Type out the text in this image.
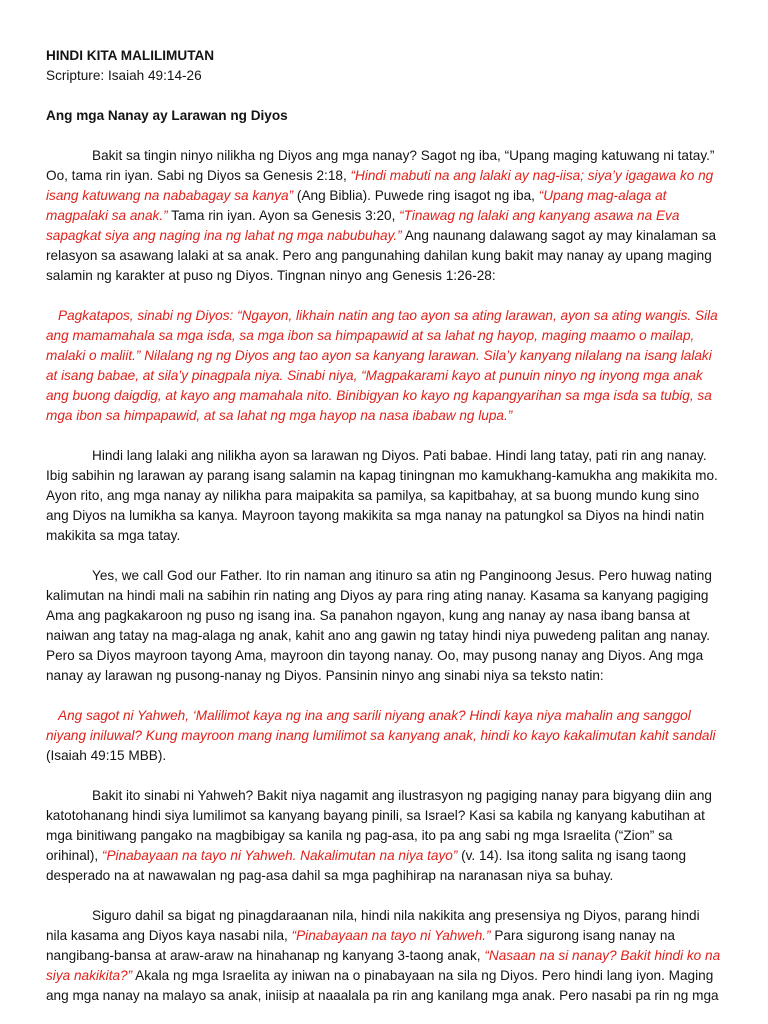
HINDI KITA MALILIMUTAN
Scripture: Isaiah 49:14-26
Ang mga Nanay ay Larawan ng Diyos

Bakit sa tingin ninyo nilikha ng Diyos ang mga nanay? Sagot ng iba, “Upang maging katuwang ni tatay.” Oo, tama rin iyan. Sabi ng Diyos sa Genesis 2:18, “Hindi mabuti na ang lalaki ay nag-iisa; siya’y igagawa ko ng isang katuwang na nababagay sa kanya” (Ang Biblia). Puwede ring isagot ng iba, “Upang mag-alaga at magpalaki sa anak.” Tama rin iyan. Ayon sa Genesis 3:20, “Tinawag ng lalaki ang kanyang asawa na Eva sapagkat siya ang naging ina ng lahat ng mga nabubuhay.” Ang naunang dalawang sagot ay may kinalaman sa relasyon sa asawang lalaki at sa anak. Pero ang pangunahing dahilan kung bakit may nanay ay upang maging salamin ng karakter at puso ng Diyos. Tingnan ninyo ang Genesis 1:26-28:

Pagkatapos, sinabi ng Diyos: “Ngayon, likhain natin ang tao ayon sa ating larawan, ayon sa ating wangis. Sila ang mamamahala sa mga isda, sa mga ibon sa himpapawid at sa lahat ng hayop, maging maamo o mailap, malaki o maliit.” Nilalang ng ng Diyos ang tao ayon sa kanyang larawan. Sila’y kanyang nilalang na isang lalaki at isang babae, at sila’y pinagpala niya. Sinabi niya, “Magpakarami kayo at punuin ninyo ng inyong mga anak ang buong daigdig, at kayo ang mamahala nito. Binibigyan ko kayo ng kapangyarihan sa mga isda sa tubig, sa mga ibon sa himpapawid, at sa lahat ng mga hayop na nasa ibabaw ng lupa.”

Hindi lang lalaki ang nilikha ayon sa larawan ng Diyos. Pati babae. Hindi lang tatay, pati rin ang nanay. Ibig sabihin ng larawan ay parang isang salamin na kapag tiningnan mo kamukhang-kamukha ang makikita mo. Ayon rito, ang mga nanay ay nilikha para maipakita sa pamilya, sa kapitbahay, at sa buong mundo kung sino ang Diyos na lumikha sa kanya. Mayroon tayong makikita sa mga nanay na patungkol sa Diyos na hindi natin makikita sa mga tatay.

Yes, we call God our Father. Ito rin naman ang itinuro sa atin ng Panginoong Jesus. Pero huwag nating kalimutan na hindi mali na sabihin rin nating ang Diyos ay para ring ating nanay. Kasama sa kanyang pagiging Ama ang pagkakaroon ng puso ng isang ina. Sa panahon ngayon, kung ang nanay ay nasa ibang bansa at naiwan ang tatay na mag-alaga ng anak, kahit ano ang gawin ng tatay hindi niya puwedeng palitan ang nanay. Pero sa Diyos mayroon tayong Ama, mayroon din tayong nanay. Oo, may pusong nanay ang Diyos. Ang mga nanay ay larawan ng pusong-nanay ng Diyos. Pansinin ninyo ang sinabi niya sa teksto natin:

Ang sagot ni Yahweh, ‘Malilimot kaya ng ina ang sarili niyang anak? Hindi kaya niya mahalin ang sanggol niyang iniluwal? Kung mayroon mang inang lumilimot sa kanyang anak, hindi ko kayo kakalimutan kahit sandali (Isaiah 49:15 MBB).

Bakit ito sinabi ni Yahweh? Bakit niya nagamit ang ilustrasyon ng pagiging nanay para bigyang diin ang katotohanang hindi siya lumilimot sa kanyang bayang pinili, sa Israel? Kasi sa kabila ng kanyang kabutihan at mga binitiwang pangako na magbibigay sa kanila ng pag-asa, ito pa ang sabi ng mga Israelita (“Zion” sa orihinal), “Pinabayaan na tayo ni Yahweh. Nakalimutan na niya tayo” (v. 14). Isa itong salita ng isang taong desperado na at nawawalan ng pag-asa dahil sa mga paghihirap na naranasan niya sa buhay.

Siguro dahil sa bigat ng pinagdaraanan nila, hindi nila nakikita ang presensiya ng Diyos, parang hindi nila kasama ang Diyos kaya nasabi nila, “Pinabayaan na tayo ni Yahweh.” Para sigurong isang nanay na nangibang-bansa at araw-araw na hinahanap ng kanyang 3-taong anak, “Nasaan na si nanay? Bakit hindi ko na siya nakikita?” Akala ng mga Israelita ay iniwan na o pinabayaan na sila ng Diyos. Pero hindi lang iyon. Maging ang mga nanay na malayo sa anak, iniisip at naaalala pa rin ang kanilang mga anak. Pero nasabi pa rin ng mga
